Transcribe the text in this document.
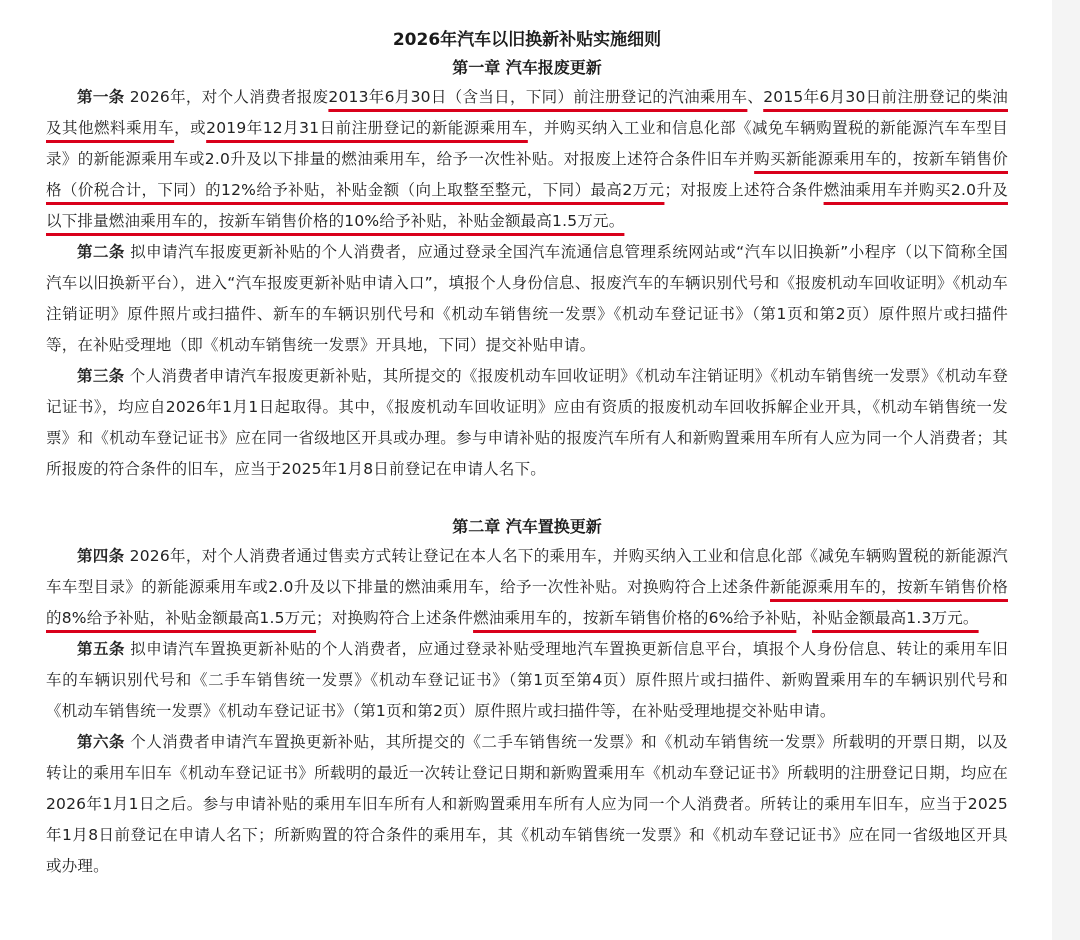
2026年汽车以旧换新补贴实施细则
第一章 汽车报废更新

第一条 2026年，对个人消费者报废2013年6月30日（含当日，下同）前注册登记的汽油乘用车、2015年6月30日前注册登记的柴油及其他燃料乘用车，或2019年12月31日前注册登记的新能源乘用车，并购买纳入工业和信息化部《减免车辆购置税的新能源汽车车型目录》的新能源乘用车或2.0升及以下排量的燃油乘用车，给予一次性补贴。对报废上述符合条件旧车并购买新能源乘用车的，按新车销售价格（价税合计，下同）的12%给予补贴，补贴金额（向上取整至整元，下同）最高2万元；对报废上述符合条件燃油乘用车并购买2.0升及以下排量燃油乘用车的，按新车销售价格的10%给予补贴，补贴金额最高1.5万元。

第二条 拟申请汽车报废更新补贴的个人消费者，应通过登录全国汽车流通信息管理系统网站或“汽车以旧换新”小程序（以下简称全国汽车以旧换新平台），进入“汽车报废更新补贴申请入口”，填报个人身份信息、报废汽车的车辆识别代号和《报废机动车回收证明》《机动车注销证明》原件照片或扫描件、新车的车辆识别代号和《机动车销售统一发票》《机动车登记证书》（第1页和第2页）原件照片或扫描件等，在补贴受理地（即《机动车销售统一发票》开具地，下同）提交补贴申请。

第三条 个人消费者申请汽车报废更新补贴，其所提交的《报废机动车回收证明》《机动车注销证明》《机动车销售统一发票》《机动车登记证书》，均应自2026年1月1日起取得。其中，《报废机动车回收证明》应由有资质的报废机动车回收拆解企业开具，《机动车销售统一发票》和《机动车登记证书》应在同一省级地区开具或办理。参与申请补贴的报废汽车所有人和新购置乘用车所有人应为同一个人消费者；其所报废的符合条件的旧车，应当于2025年1月8日前登记在申请人名下。

第二章 汽车置换更新

第四条 2026年，对个人消费者通过售卖方式转让登记在本人名下的乘用车，并购买纳入工业和信息化部《减免车辆购置税的新能源汽车车型目录》的新能源乘用车或2.0升及以下排量的燃油乘用车，给予一次性补贴。对换购符合上述条件新能源乘用车的，按新车销售价格的8%给予补贴，补贴金额最高1.5万元；对换购符合上述条件燃油乘用车的，按新车销售价格的6%给予补贴，补贴金额最高1.3万元。

第五条 拟申请汽车置换更新补贴的个人消费者，应通过登录补贴受理地汽车置换更新信息平台，填报个人身份信息、转让的乘用车旧车的车辆识别代号和《二手车销售统一发票》《机动车登记证书》（第1页至第4页）原件照片或扫描件、新购置乘用车的车辆识别代号和《机动车销售统一发票》《机动车登记证书》（第1页和第2页）原件照片或扫描件等，在补贴受理地提交补贴申请。

第六条 个人消费者申请汽车置换更新补贴，其所提交的《二手车销售统一发票》和《机动车销售统一发票》所载明的开票日期，以及转让的乘用车旧车《机动车登记证书》所载明的最近一次转让登记日期和新购置乘用车《机动车登记证书》所载明的注册登记日期，均应在2026年1月1日之后。参与申请补贴的乘用车旧车所有人和新购置乘用车所有人应为同一个人消费者。所转让的乘用车旧车，应当于2025年1月8日前登记在申请人名下；所新购置的符合条件的乘用车，其《机动车销售统一发票》和《机动车登记证书》应在同一省级地区开具或办理。
